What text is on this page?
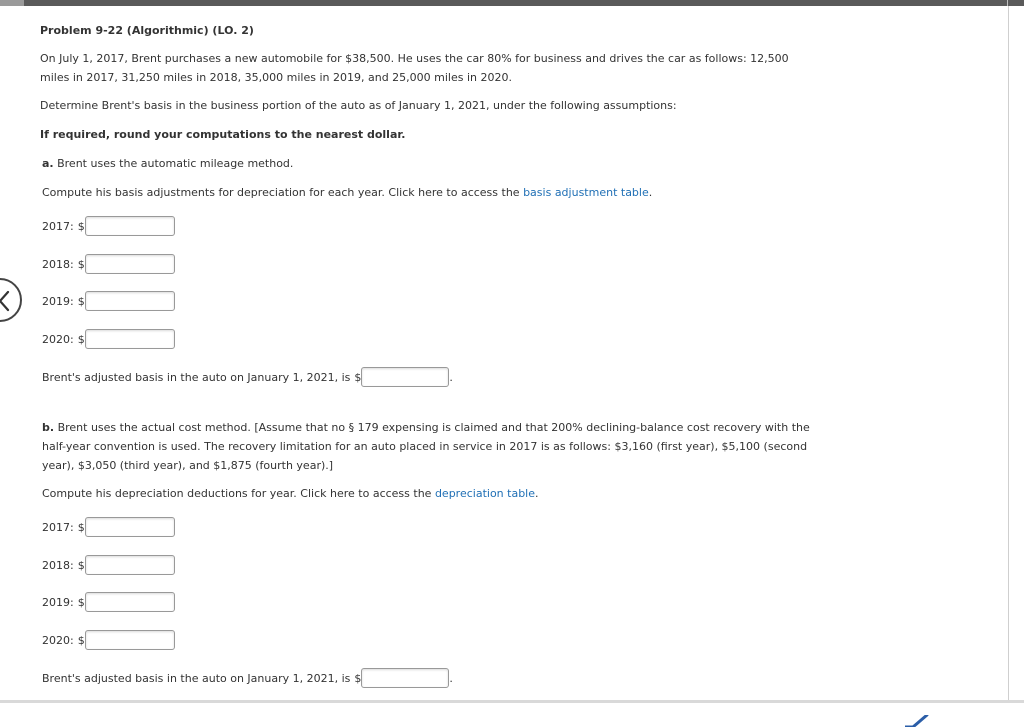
Problem 9-22 (Algorithmic) (LO. 2)

On July 1, 2017, Brent purchases a new automobile for $38,500. He uses the car 80% for business and drives the car as follows: 12,500

miles in 2017, 31,250 miles in 2018, 35,000 miles in 2019, and 25,000 miles in 2020.

Determine Brent's basis in the business portion of the auto as of January 1, 2021, under the following assumptions:

If required, round your computations to the nearest dollar.

a. Brent uses the automatic mileage method.

Compute his basis adjustments for depreciation for each year. Click here to access the basis adjustment table.

2017: $
2018: $
2019: $
2020: $
Brent's adjusted basis in the auto on January 1, 2021, is $	.

b. Brent uses the actual cost method. [Assume that no § 179 expensing is claimed and that 200% declining-balance cost recovery with the

half-year convention is used. The recovery limitation for an auto placed in service in 2017 is as follows: $3,160 (first year), $5,100 (second

year), $3,050 (third year), and $1,875 (fourth year).]

Compute his depreciation deductions for year. Click here to access the depreciation table.

2017: $
2018: $
2019: $
2020: $
Brent's adjusted basis in the auto on January 1, 2021, is $	.
